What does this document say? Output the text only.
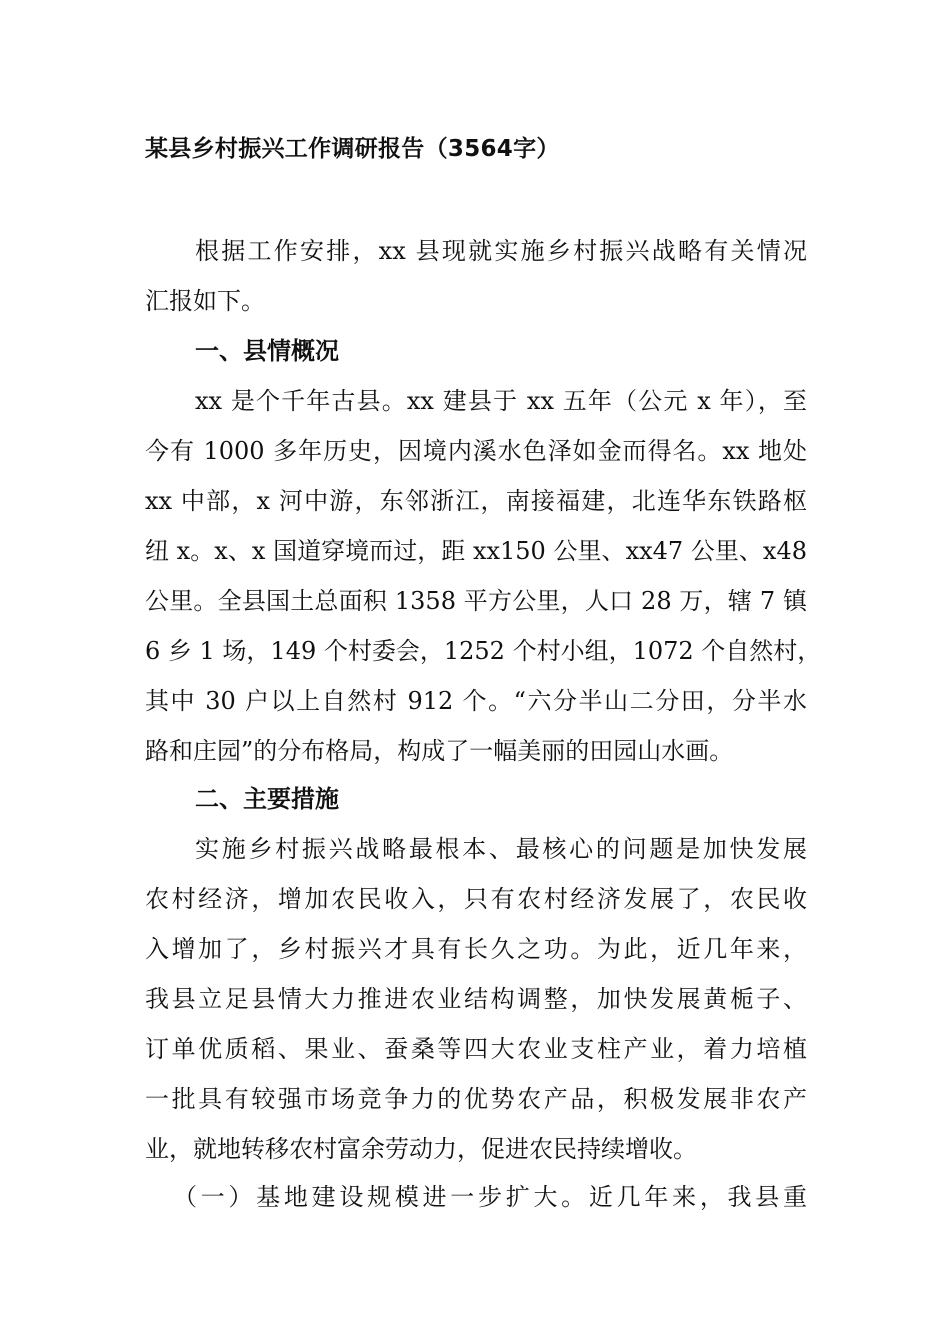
某县乡村振兴工作调研报告（3564字）
根据工作安排，xx 县现就实施乡村振兴战略有关情况
汇报如下。
一、县情概况
xx 是个千年古县。xx 建县于 xx 五年（公元 x 年），至
今有 1000 多年历史，因境内溪水色泽如金而得名。xx 地处
xx 中部，x 河中游，东邻浙江，南接福建，北连华东铁路枢
纽 x。x、x 国道穿境而过，距 xx150 公里、xx47 公里、x48
公里。全县国土总面积 1358 平方公里，人口 28 万，辖 7 镇
6 乡 1 场，149 个村委会，1252 个村小组，1072 个自然村，
其中 30 户以上自然村 912 个。“六分半山二分田，分半水
路和庄园”的分布格局，构成了一幅美丽的田园山水画。
二、主要措施
实施乡村振兴战略最根本、最核心的问题是加快发展
农村经济，增加农民收入，只有农村经济发展了，农民收
入增加了，乡村振兴才具有长久之功。为此，近几年来，
我县立足县情大力推进农业结构调整，加快发展黄栀子、
订单优质稻、果业、蚕桑等四大农业支柱产业，着力培植
一批具有较强市场竞争力的优势农产品，积极发展非农产
业，就地转移农村富余劳动力，促进农民持续增收。
（一）基地建设规模进一步扩大。近几年来，我县重
